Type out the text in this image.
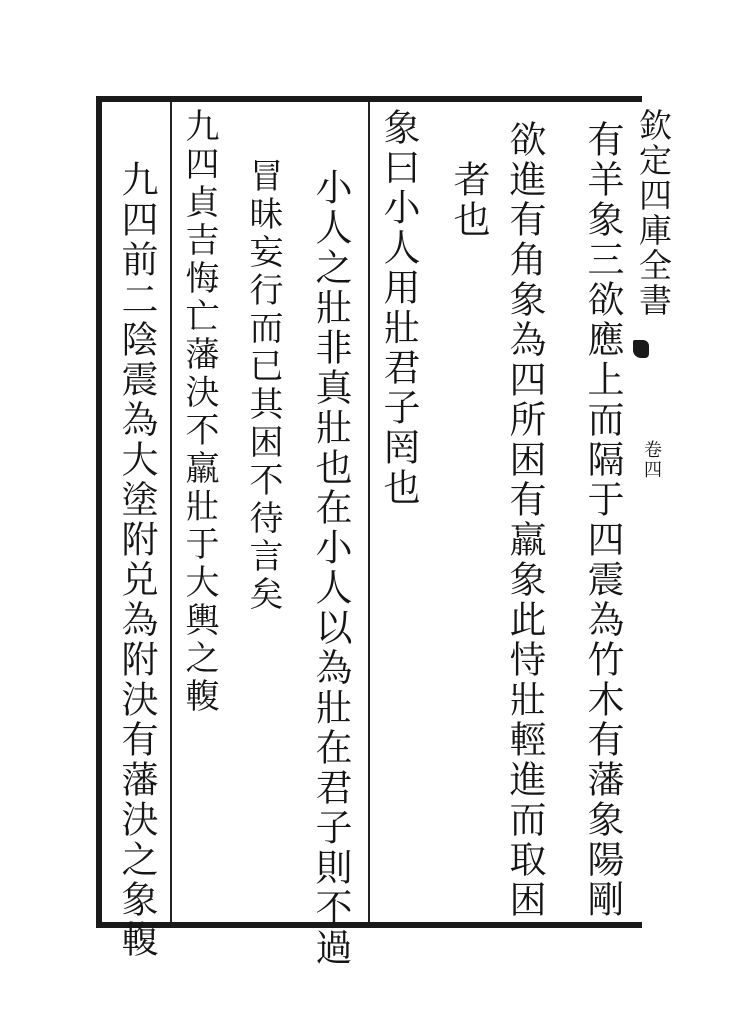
欽定四庫全書
卷四
有羊象三欲應上而隔于四震為竹木有藩象陽剛
欲進有角象為四所困有羸象此恃壯輕進而取困
者也
象曰小人用壯君子罔也
小人之壯非真壯也在小人以為壯在君子則不過
冒昧妄行而已其困不待言矣
九四貞吉悔亡藩決不羸壯于大輿之輹
九四前二陰震為大塗附兑為附決有藩決之象輹
